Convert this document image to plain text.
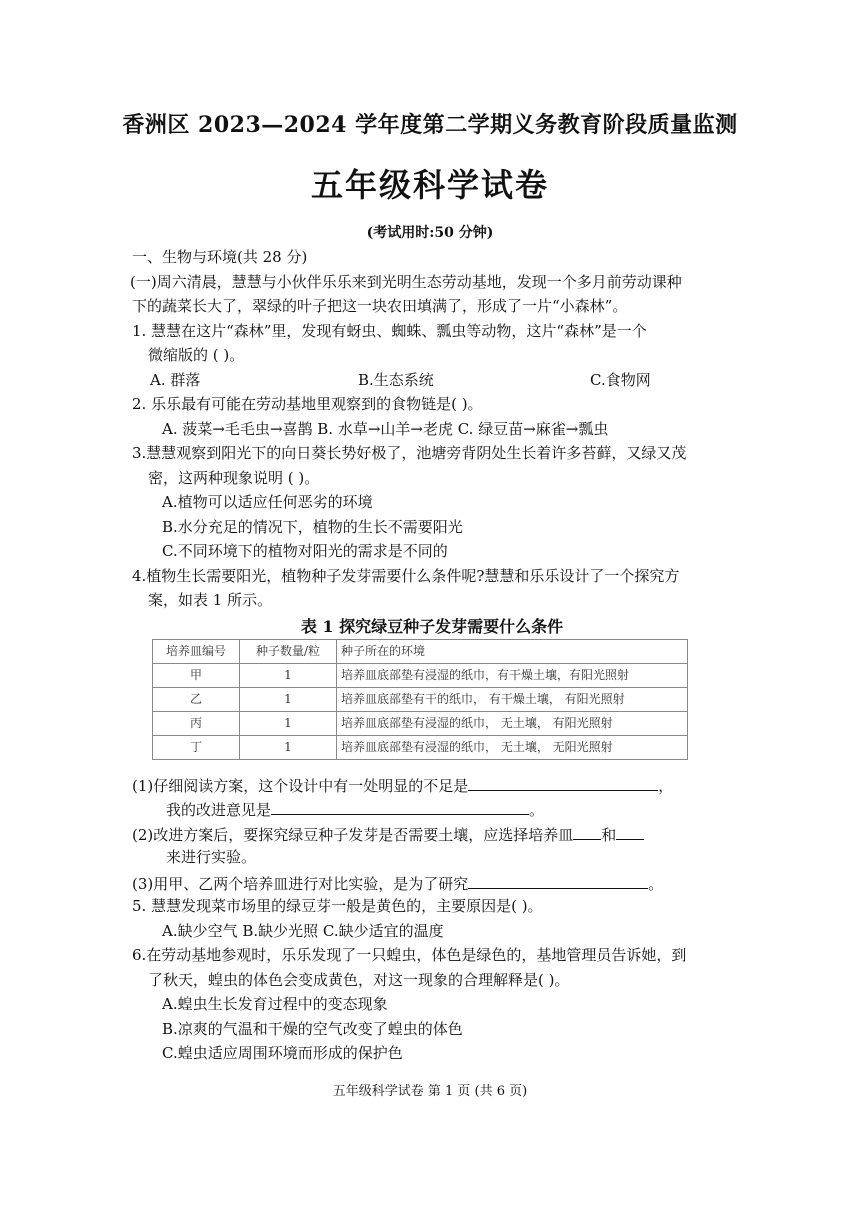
香洲区 2023—2024 学年度第二学期义务教育阶段质量监测
五年级科学试卷
(考试用时:50 分钟)
一、生物与环境(共 28 分)
(一)周六清晨，慧慧与小伙伴乐乐来到光明生态劳动基地，发现一个多月前劳动课种
下的蔬菜长大了，翠绿的叶子把这一块农田填满了，形成了一片“小森林”。
1. 慧慧在这片“森林”里，发现有蚜虫、蜘蛛、瓢虫等动物，这片“森林”是一个
微缩版的 ( )。
A. 群落	B.生态系统	C.食物网
2. 乐乐最有可能在劳动基地里观察到的食物链是( )。
A. 菠菜→毛毛虫→喜鹊 B. 水草→山羊→老虎 C. 绿豆苗→麻雀→瓢虫
3.慧慧观察到阳光下的向日葵长势好极了，池塘旁背阴处生长着许多苔藓，又绿又茂
密，这两种现象说明 ( )。
A.植物可以适应任何恶劣的环境
B.水分充足的情况下，植物的生长不需要阳光
C.不同环境下的植物对阳光的需求是不同的
4.植物生长需要阳光，植物种子发芽需要什么条件呢?慧慧和乐乐设计了一个探究方
案，如表 1 所示。
表 1 探究绿豆种子发芽需要什么条件
培养皿编号	种子数量/粒	种子所在的环境
甲	1	培养皿底部垫有浸湿的纸巾，有干燥土壤，有阳光照射
乙	1	培养皿底部垫有干的纸巾， 有干燥土壤， 有阳光照射
丙	1	培养皿底部垫有浸湿的纸巾， 无土壤， 有阳光照射
丁	1	培养皿底部垫有浸湿的纸巾， 无土壤， 无阳光照射
(1)仔细阅读方案，这个设计中有一处明显的不足是	，
我的改进意见是	。
(2)改进方案后，要探究绿豆种子发芽是否需要土壤，应选择培养皿 和
来进行实验。
(3)用甲、乙两个培养皿进行对比实验，是为了研究	。
5. 慧慧发现菜市场里的绿豆芽一般是黄色的，主要原因是( )。
A.缺少空气 B.缺少光照 C.缺少适宜的温度
6.在劳动基地参观时，乐乐发现了一只蝗虫，体色是绿色的，基地管理员告诉她，到
了秋天，蝗虫的体色会变成黄色，对这一现象的合理解释是( )。
A.蝗虫生长发育过程中的变态现象
B.凉爽的气温和干燥的空气改变了蝗虫的体色
C.蝗虫适应周围环境而形成的保护色
五年级科学试卷 第 1 页 (共 6 页)
